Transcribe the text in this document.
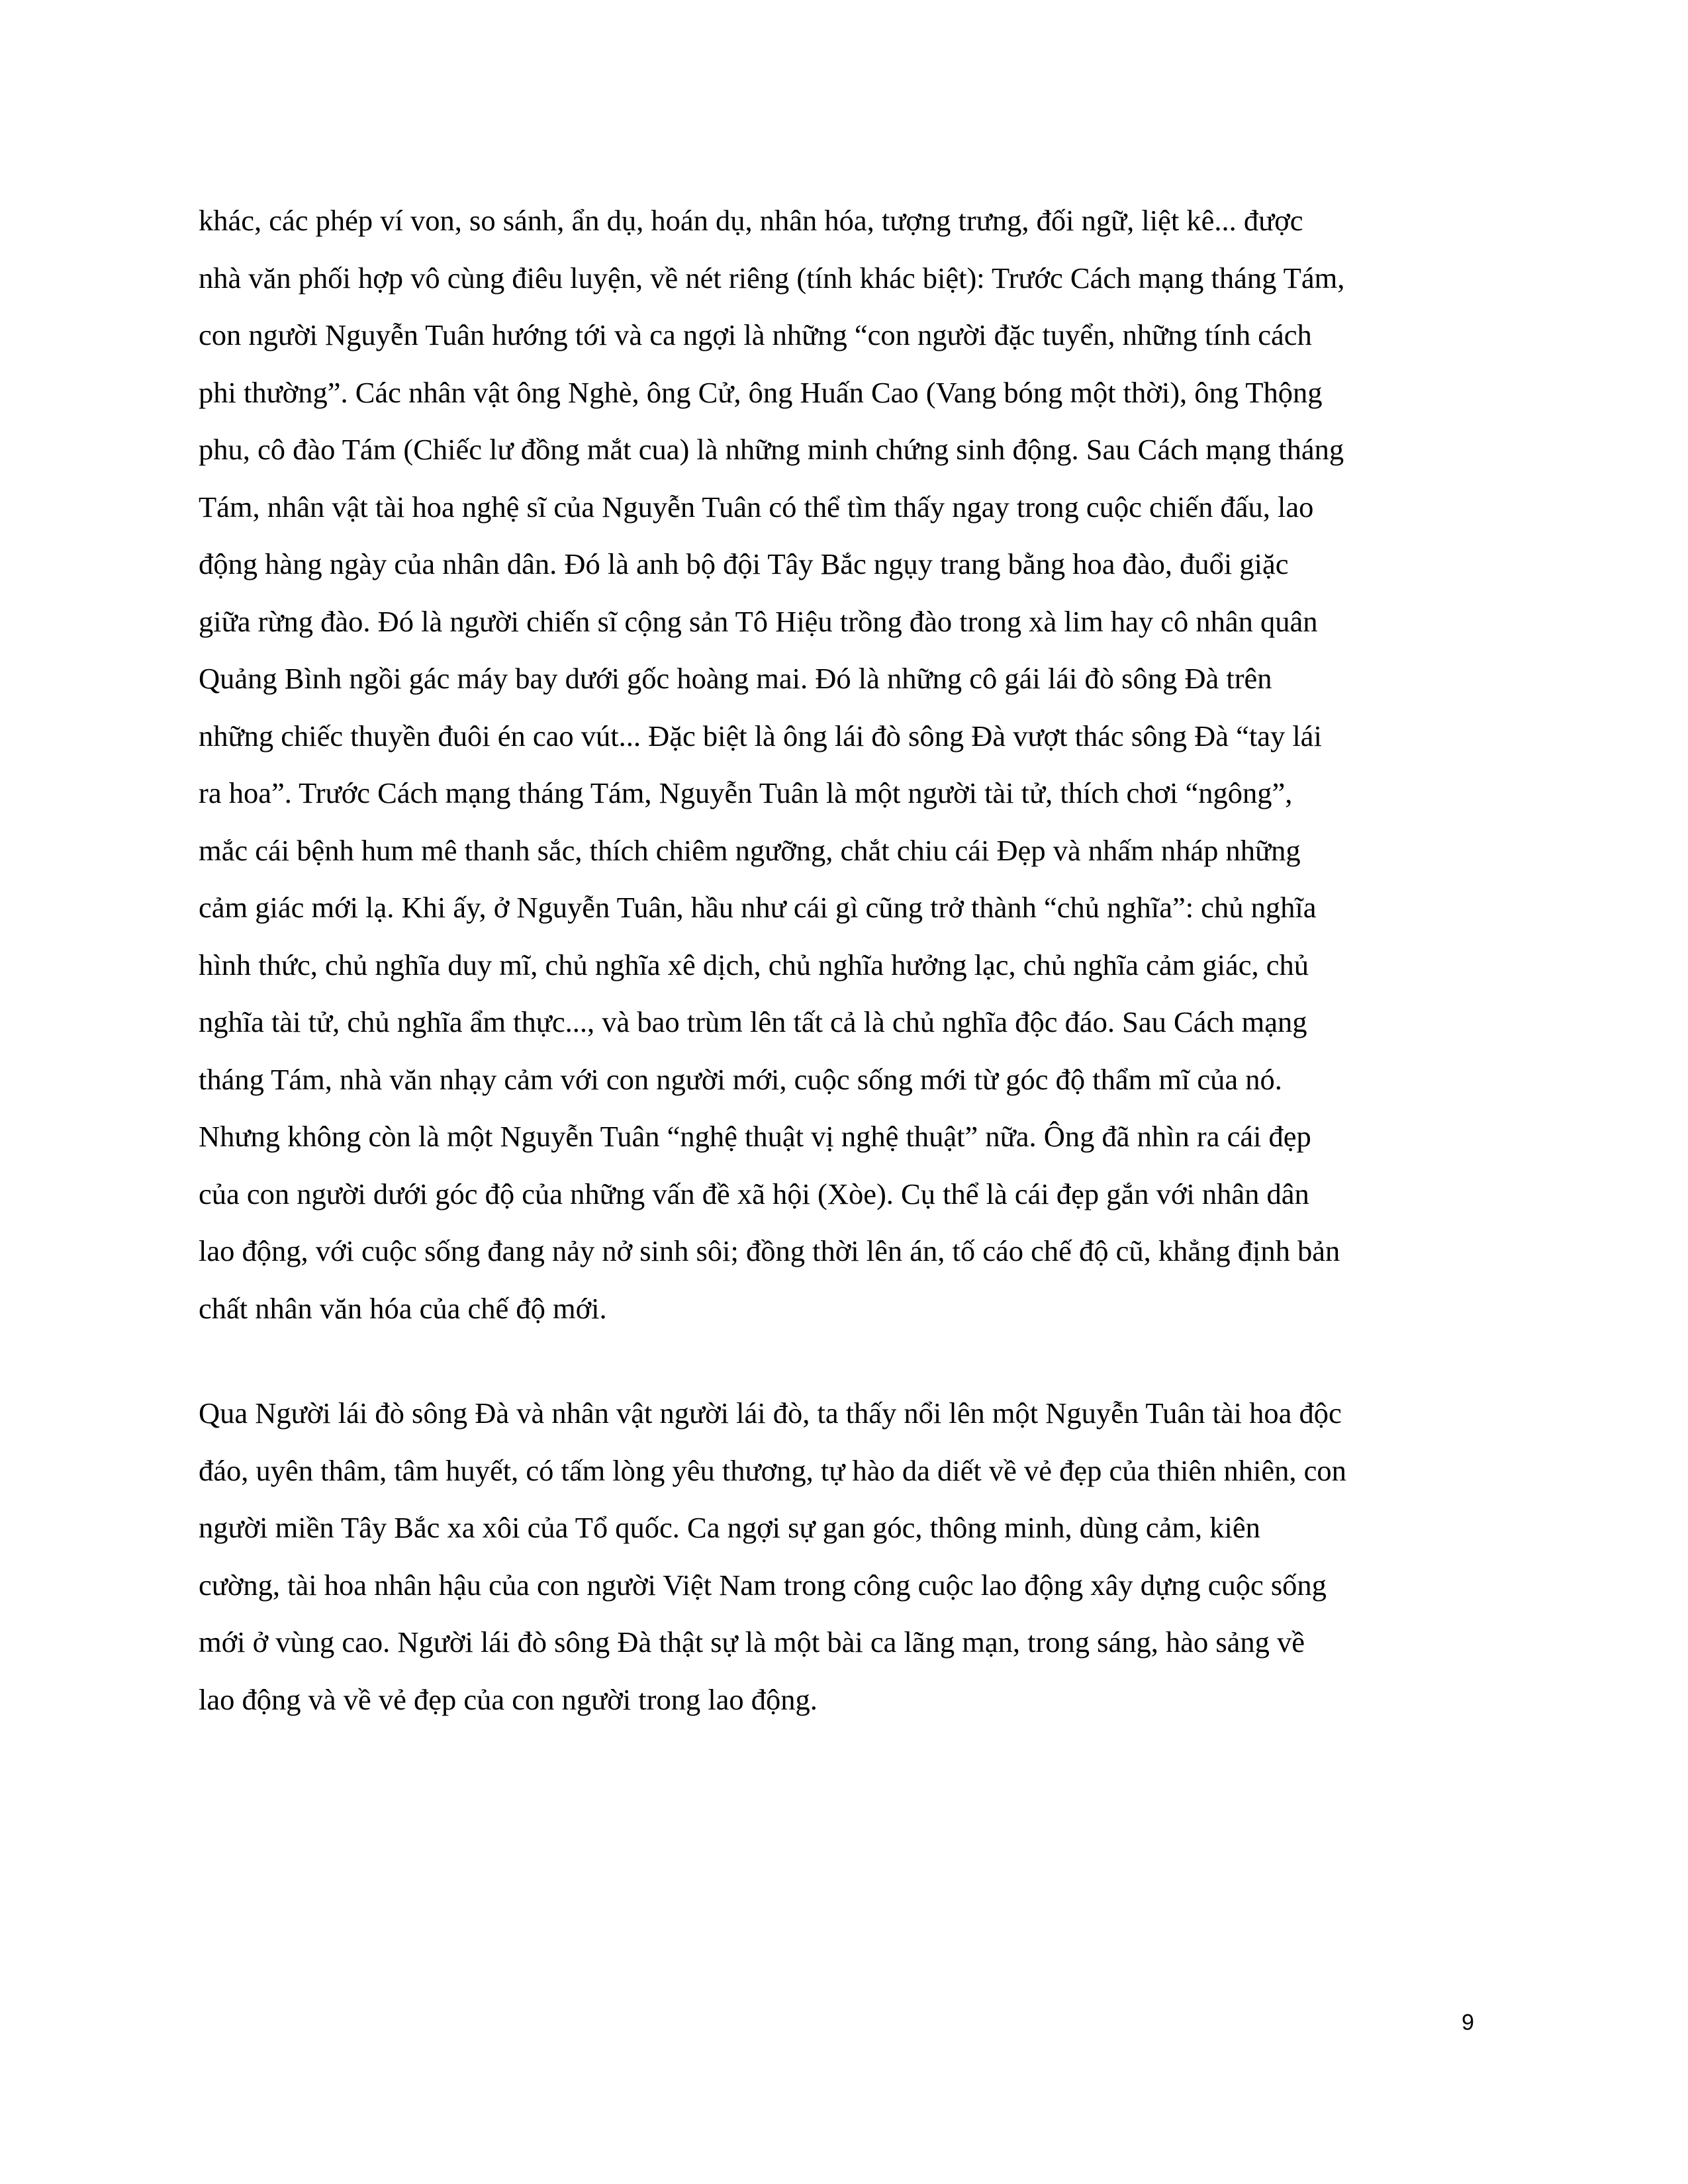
khác, các phép ví von, so sánh, ẩn dụ, hoán dụ, nhân hóa, tượng trưng, đối ngữ, liệt kê... được
nhà văn phối hợp vô cùng điêu luyện, về nét riêng (tính khác biệt): Trước Cách mạng tháng Tám,
con người Nguyễn Tuân hướng tới và ca ngợi là những “con người đặc tuyển, những tính cách
phi thường”. Các nhân vật ông Nghè, ông Cử, ông Huấn Cao (Vang bóng một thời), ông Thộng
phu, cô đào Tám (Chiếc lư đồng mắt cua) là những minh chứng sinh động. Sau Cách mạng tháng
Tám, nhân vật tài hoa nghệ sĩ của Nguyễn Tuân có thể tìm thấy ngay trong cuộc chiến đấu, lao
động hàng ngày của nhân dân. Đó là anh bộ đội Tây Bắc ngụy trang bằng hoa đào, đuổi giặc
giữa rừng đào. Đó là người chiến sĩ cộng sản Tô Hiệu trồng đào trong xà lim hay cô nhân quân
Quảng Bình ngồi gác máy bay dưới gốc hoàng mai. Đó là những cô gái lái đò sông Đà trên
những chiếc thuyền đuôi én cao vút... Đặc biệt là ông lái đò sông Đà vượt thác sông Đà “tay lái
ra hoa”. Trước Cách mạng tháng Tám, Nguyễn Tuân là một người tài tử, thích chơi “ngông”,
mắc cái bệnh hum mê thanh sắc, thích chiêm ngưỡng, chắt chiu cái Đẹp và nhấm nháp những
cảm giác mới lạ. Khi ấy, ở Nguyễn Tuân, hầu như cái gì cũng trở thành “chủ nghĩa”: chủ nghĩa
hình thức, chủ nghĩa duy mĩ, chủ nghĩa xê dịch, chủ nghĩa hưởng lạc, chủ nghĩa cảm giác, chủ
nghĩa tài tử, chủ nghĩa ẩm thực..., và bao trùm lên tất cả là chủ nghĩa độc đáo. Sau Cách mạng
tháng Tám, nhà văn nhạy cảm với con người mới, cuộc sống mới từ góc độ thẩm mĩ của nó.
Nhưng không còn là một Nguyễn Tuân “nghệ thuật vị nghệ thuật” nữa. Ông đã nhìn ra cái đẹp
của con người dưới góc độ của những vấn đề xã hội (Xòe). Cụ thể là cái đẹp gắn với nhân dân
lao động, với cuộc sống đang nảy nở sinh sôi; đồng thời lên án, tố cáo chế độ cũ, khẳng định bản
chất nhân văn hóa của chế độ mới.
Qua Người lái đò sông Đà và nhân vật người lái đò, ta thấy nổi lên một Nguyễn Tuân tài hoa độc
đáo, uyên thâm, tâm huyết, có tấm lòng yêu thương, tự hào da diết về vẻ đẹp của thiên nhiên, con
người miền Tây Bắc xa xôi của Tổ quốc. Ca ngợi sự gan góc, thông minh, dùng cảm, kiên
cường, tài hoa nhân hậu của con người Việt Nam trong công cuộc lao động xây dựng cuộc sống
mới ở vùng cao. Người lái đò sông Đà thật sự là một bài ca lãng mạn, trong sáng, hào sảng về
lao động và về vẻ đẹp của con người trong lao động.
9
